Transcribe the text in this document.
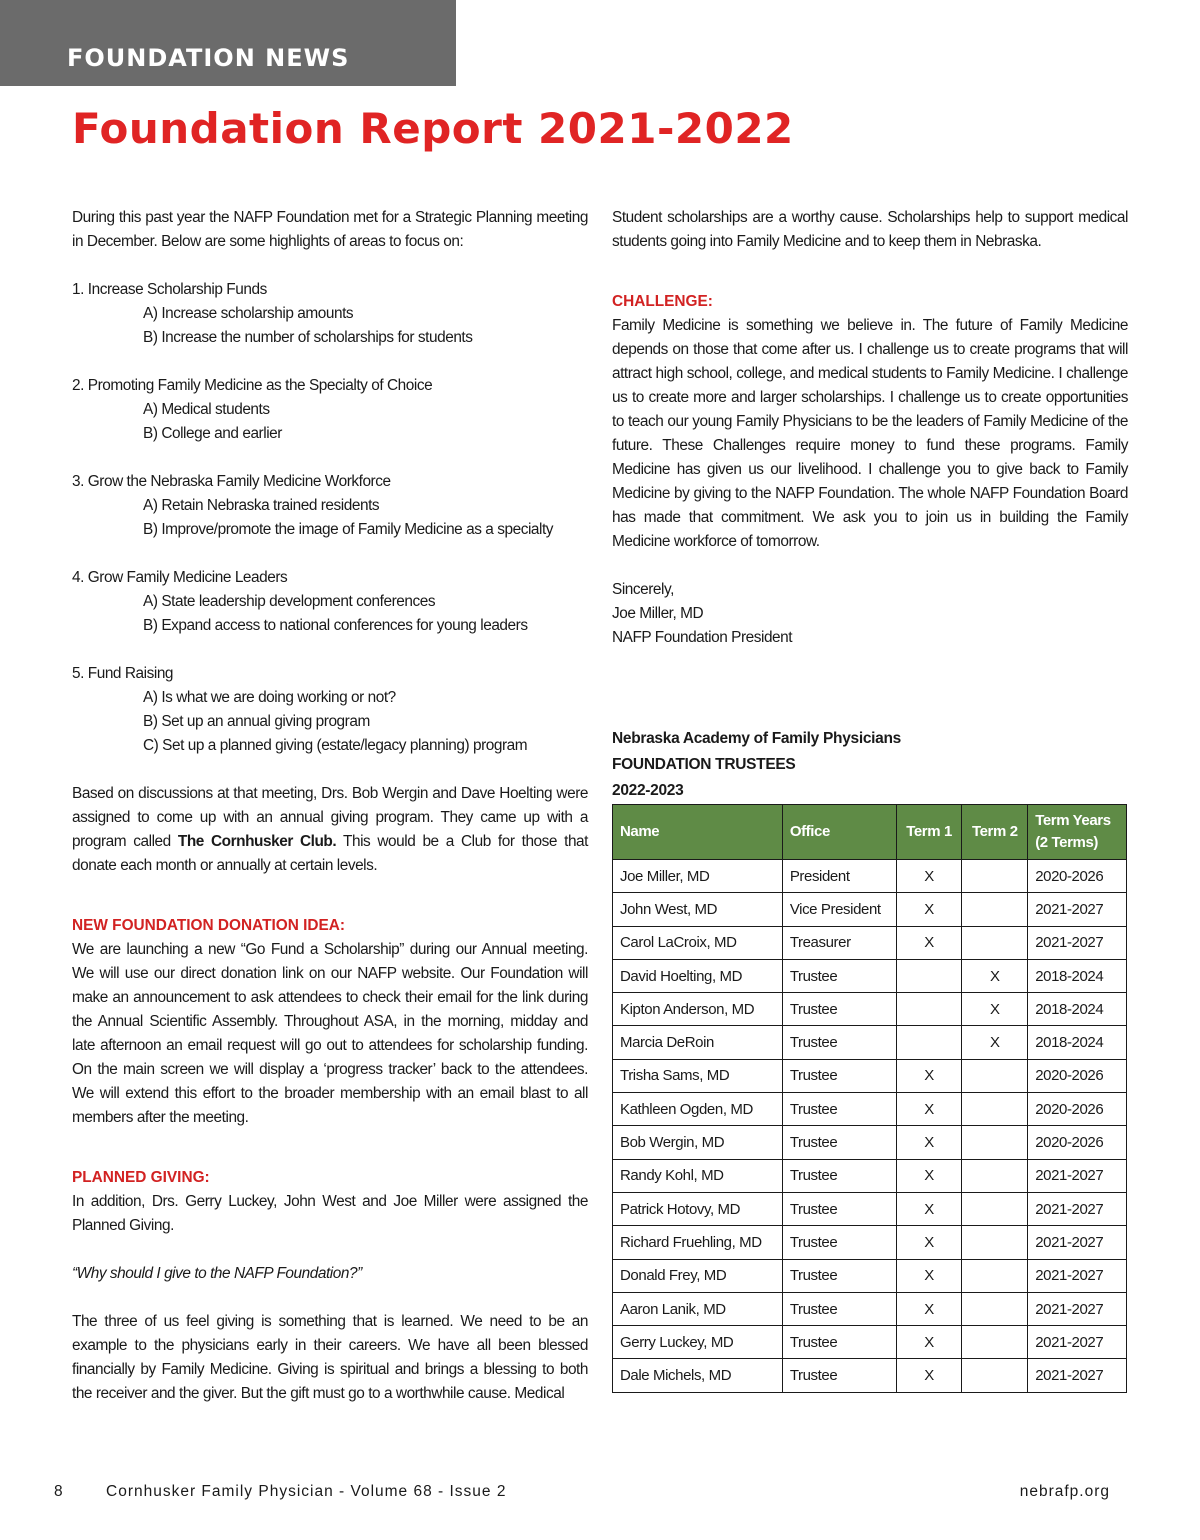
FOUNDATION NEWS
Foundation Report 2021-2022

During this past year the NAFP Foundation met for a Strategic Planning meeting in December. Below are some highlights of areas to focus on:

1. Increase Scholarship Funds

A) Increase scholarship amounts

B) Increase the number of scholarships for students

2. Promoting Family Medicine as the Specialty of Choice

A) Medical students

B) College and earlier

3. Grow the Nebraska Family Medicine Workforce

A) Retain Nebraska trained residents

B) Improve/promote the image of Family Medicine as a specialty

4. Grow Family Medicine Leaders

A) State leadership development conferences

B) Expand access to national conferences for young leaders

5. Fund Raising

A) Is what we are doing working or not?

B) Set up an annual giving program

C) Set up a planned giving (estate/legacy planning) program

Based on discussions at that meeting, Drs. Bob Wergin and Dave Hoelting were assigned to come up with an annual giving program. They came up with a program called The Cornhusker Club. This would be a Club for those that donate each month or annually at certain levels.

NEW FOUNDATION DONATION IDEA:

We are launching a new “Go Fund a Scholarship” during our Annual meeting. We will use our direct donation link on our NAFP website. Our Foundation will make an announcement to ask attendees to check their email for the link during the Annual Scientific Assembly. Throughout ASA, in the morning, midday and late afternoon an email request will go out to attendees for scholarship funding. On the main screen we will display a ‘progress tracker’ back to the attendees. We will extend this effort to the broader membership with an email blast to all members after the meeting.

PLANNED GIVING:

In addition, Drs. Gerry Luckey, John West and Joe Miller were assigned the Planned Giving.

“Why should I give to the NAFP Foundation?”

The three of us feel giving is something that is learned. We need to be an example to the physicians early in their careers. We have all been blessed financially by Family Medicine. Giving is spiritual and brings a blessing to both the receiver and the giver. But the gift must go to a worthwhile cause. Medical

Student scholarships are a worthy cause. Scholarships help to support medical students going into Family Medicine and to keep them in Nebraska.

CHALLENGE:

Family Medicine is something we believe in. The future of Family Medicine depends on those that come after us. I challenge us to create programs that will attract high school, college, and medical students to Family Medicine. I challenge us to create more and larger scholarships. I challenge us to create opportunities to teach our young Family Physicians to be the leaders of Family Medicine of the future. These Challenges require money to fund these programs. Family Medicine has given us our livelihood. I challenge you to give back to Family Medicine by giving to the NAFP Foundation. The whole NAFP Foundation Board has made that commitment. We ask you to join us in building the Family Medicine workforce of tomorrow.

Sincerely,

Joe Miller, MD

NAFP Foundation President

Nebraska Academy of Family Physicians
FOUNDATION TRUSTEES
2022-2023
Name	Office	Term 1	Term 2	Term Years (2 Terms)
Joe Miller, MD	President	X		2020-2026
John West, MD	Vice President	X		2021-2027
Carol LaCroix, MD	Treasurer	X		2021-2027
David Hoelting, MD	Trustee		X	2018-2024
Kipton Anderson, MD	Trustee		X	2018-2024
Marcia DeRoin	Trustee		X	2018-2024
Trisha Sams, MD	Trustee	X		2020-2026
Kathleen Ogden, MD	Trustee	X		2020-2026
Bob Wergin, MD	Trustee	X		2020-2026
Randy Kohl, MD	Trustee	X		2021-2027
Patrick Hotovy, MD	Trustee	X		2021-2027
Richard Fruehling, MD	Trustee	X		2021-2027
Donald Frey, MD	Trustee	X		2021-2027
Aaron Lanik, MD	Trustee	X		2021-2027
Gerry Luckey, MD	Trustee	X		2021-2027
Dale Michels, MD	Trustee	X		2021-2027
8	Cornhusker Family Physician - Volume 68 - Issue 2	nebrafp.org
